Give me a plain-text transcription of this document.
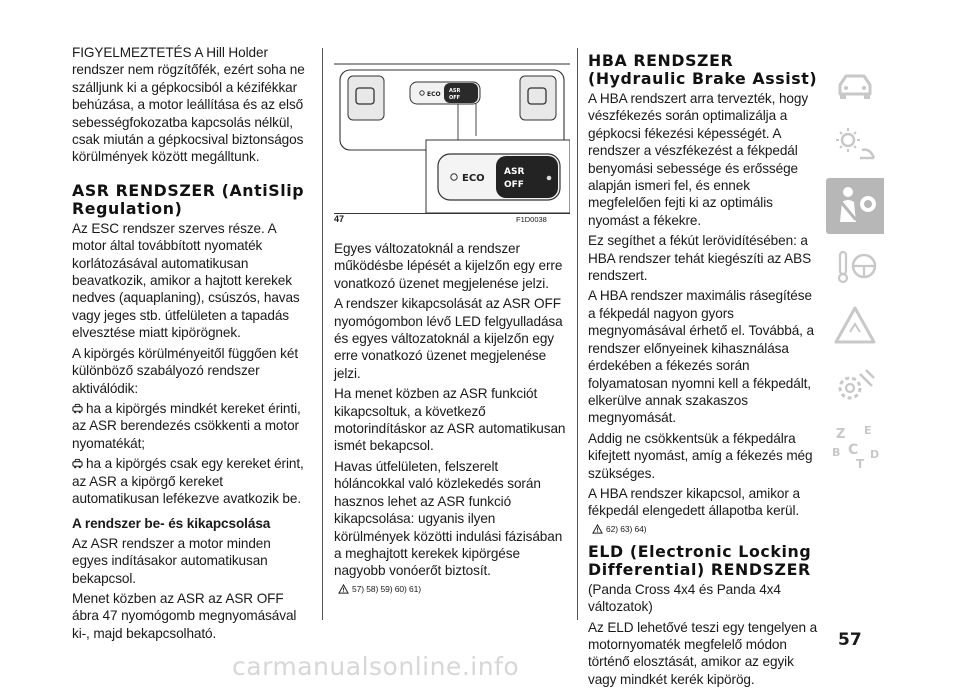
FIGYELMEZTETÉS A Hill Holder rendszer nem rögzítőfék, ezért soha ne szálljunk ki a gépkocsiból a kézifékkar behúzása, a motor leállítása és az első sebességfokozatba kapcsolás nélkül, csak miután a gépkocsival biztonságos körülmények között megálltunk.

ASR RENDSZER (AntiSlip Regulation)

Az ESC rendszer szerves része. A motor által továbbított nyomaték korlátozásával automatikusan beavatkozik, amikor a hajtott kerekek nedves (aquaplaning), csúszós, havas vagy jeges stb. útfelületen a tapadás elvesztése miatt kipörögnek.

A kipörgés körülményeitől függően két különböző szabályozó rendszer aktiválódik:

ha a kipörgés mindkét kereket érinti, az ASR berendezés csökkenti a motor nyomatékát;

ha a kipörgés csak egy kereket érint, az ASR a kipörgő kereket automatikusan lefékezve avatkozik be.

A rendszer be- és kikapcsolása

Az ASR rendszer a motor minden egyes indításakor automatikusan bekapcsol.

Menet közben az ASR az ASR OFF ábra 47 nyomógomb megnyomásával ki-, majd bekapcsolható.

ECO ASR
OFF
ECO
ASR
OFF
47	F1D0038

Egyes változatoknál a rendszer működésbe lépését a kijelzőn egy erre vonatkozó üzenet megjelenése jelzi.

A rendszer kikapcsolását az ASR OFF nyomógombon lévő LED felgyulladása és egyes változatoknál a kijelzőn egy erre vonatkozó üzenet megjelenése jelzi.

Ha menet közben az ASR funkciót kikapcsoltuk, a következő motorindításkor az ASR automatikusan ismét bekapcsol.

Havas útfelületen, felszerelt hóláncokkal való közlekedés során hasznos lehet az ASR funkció kikapcsolása: ugyanis ilyen körülmények közötti indulási fázisában a meghajtott kerekek kipörgése nagyobb vonóerőt biztosít.

57) 58) 59) 60) 61)
HBA RENDSZER (Hydraulic Brake Assist)

A HBA rendszert arra tervezték, hogy vészfékezés során optimalizálja a gépkocsi fékezési képességét. A rendszer a vészfékezést a fékpedál benyomási sebessége és erőssége alapján ismeri fel, és ennek megfelelően fejti ki az optimális nyomást a fékekre.

Ez segíthet a fékút lerövidítésében: a HBA rendszer tehát kiegészíti az ABS rendszert.

A HBA rendszer maximális rásegítése a fékpedál nagyon gyors megnyomásával érhető el. Továbbá, a rendszer előnyeinek kihasználása érdekében a fékezés során folyamatosan nyomni kell a fékpedált, elkerülve annak szakaszos megnyomását.

Addig ne csökkentsük a fékpedálra kifejtett nyomást, amíg a fékezés még szükséges.

A HBA rendszer kikapcsol, amikor a fékpedál elengedett állapotba kerül.

62) 63) 64)
ELD (Electronic Locking Differential) RENDSZER

(Panda Cross 4x4 és Panda 4x4 változatok)

Az ELD lehetővé teszi egy tengelyen a motornyomaték megfelelő módon történő elosztását, amikor az egyik vagy mindkét kerék kipörög.

Z E
B C
T
D
57
carmanualsonline.info
